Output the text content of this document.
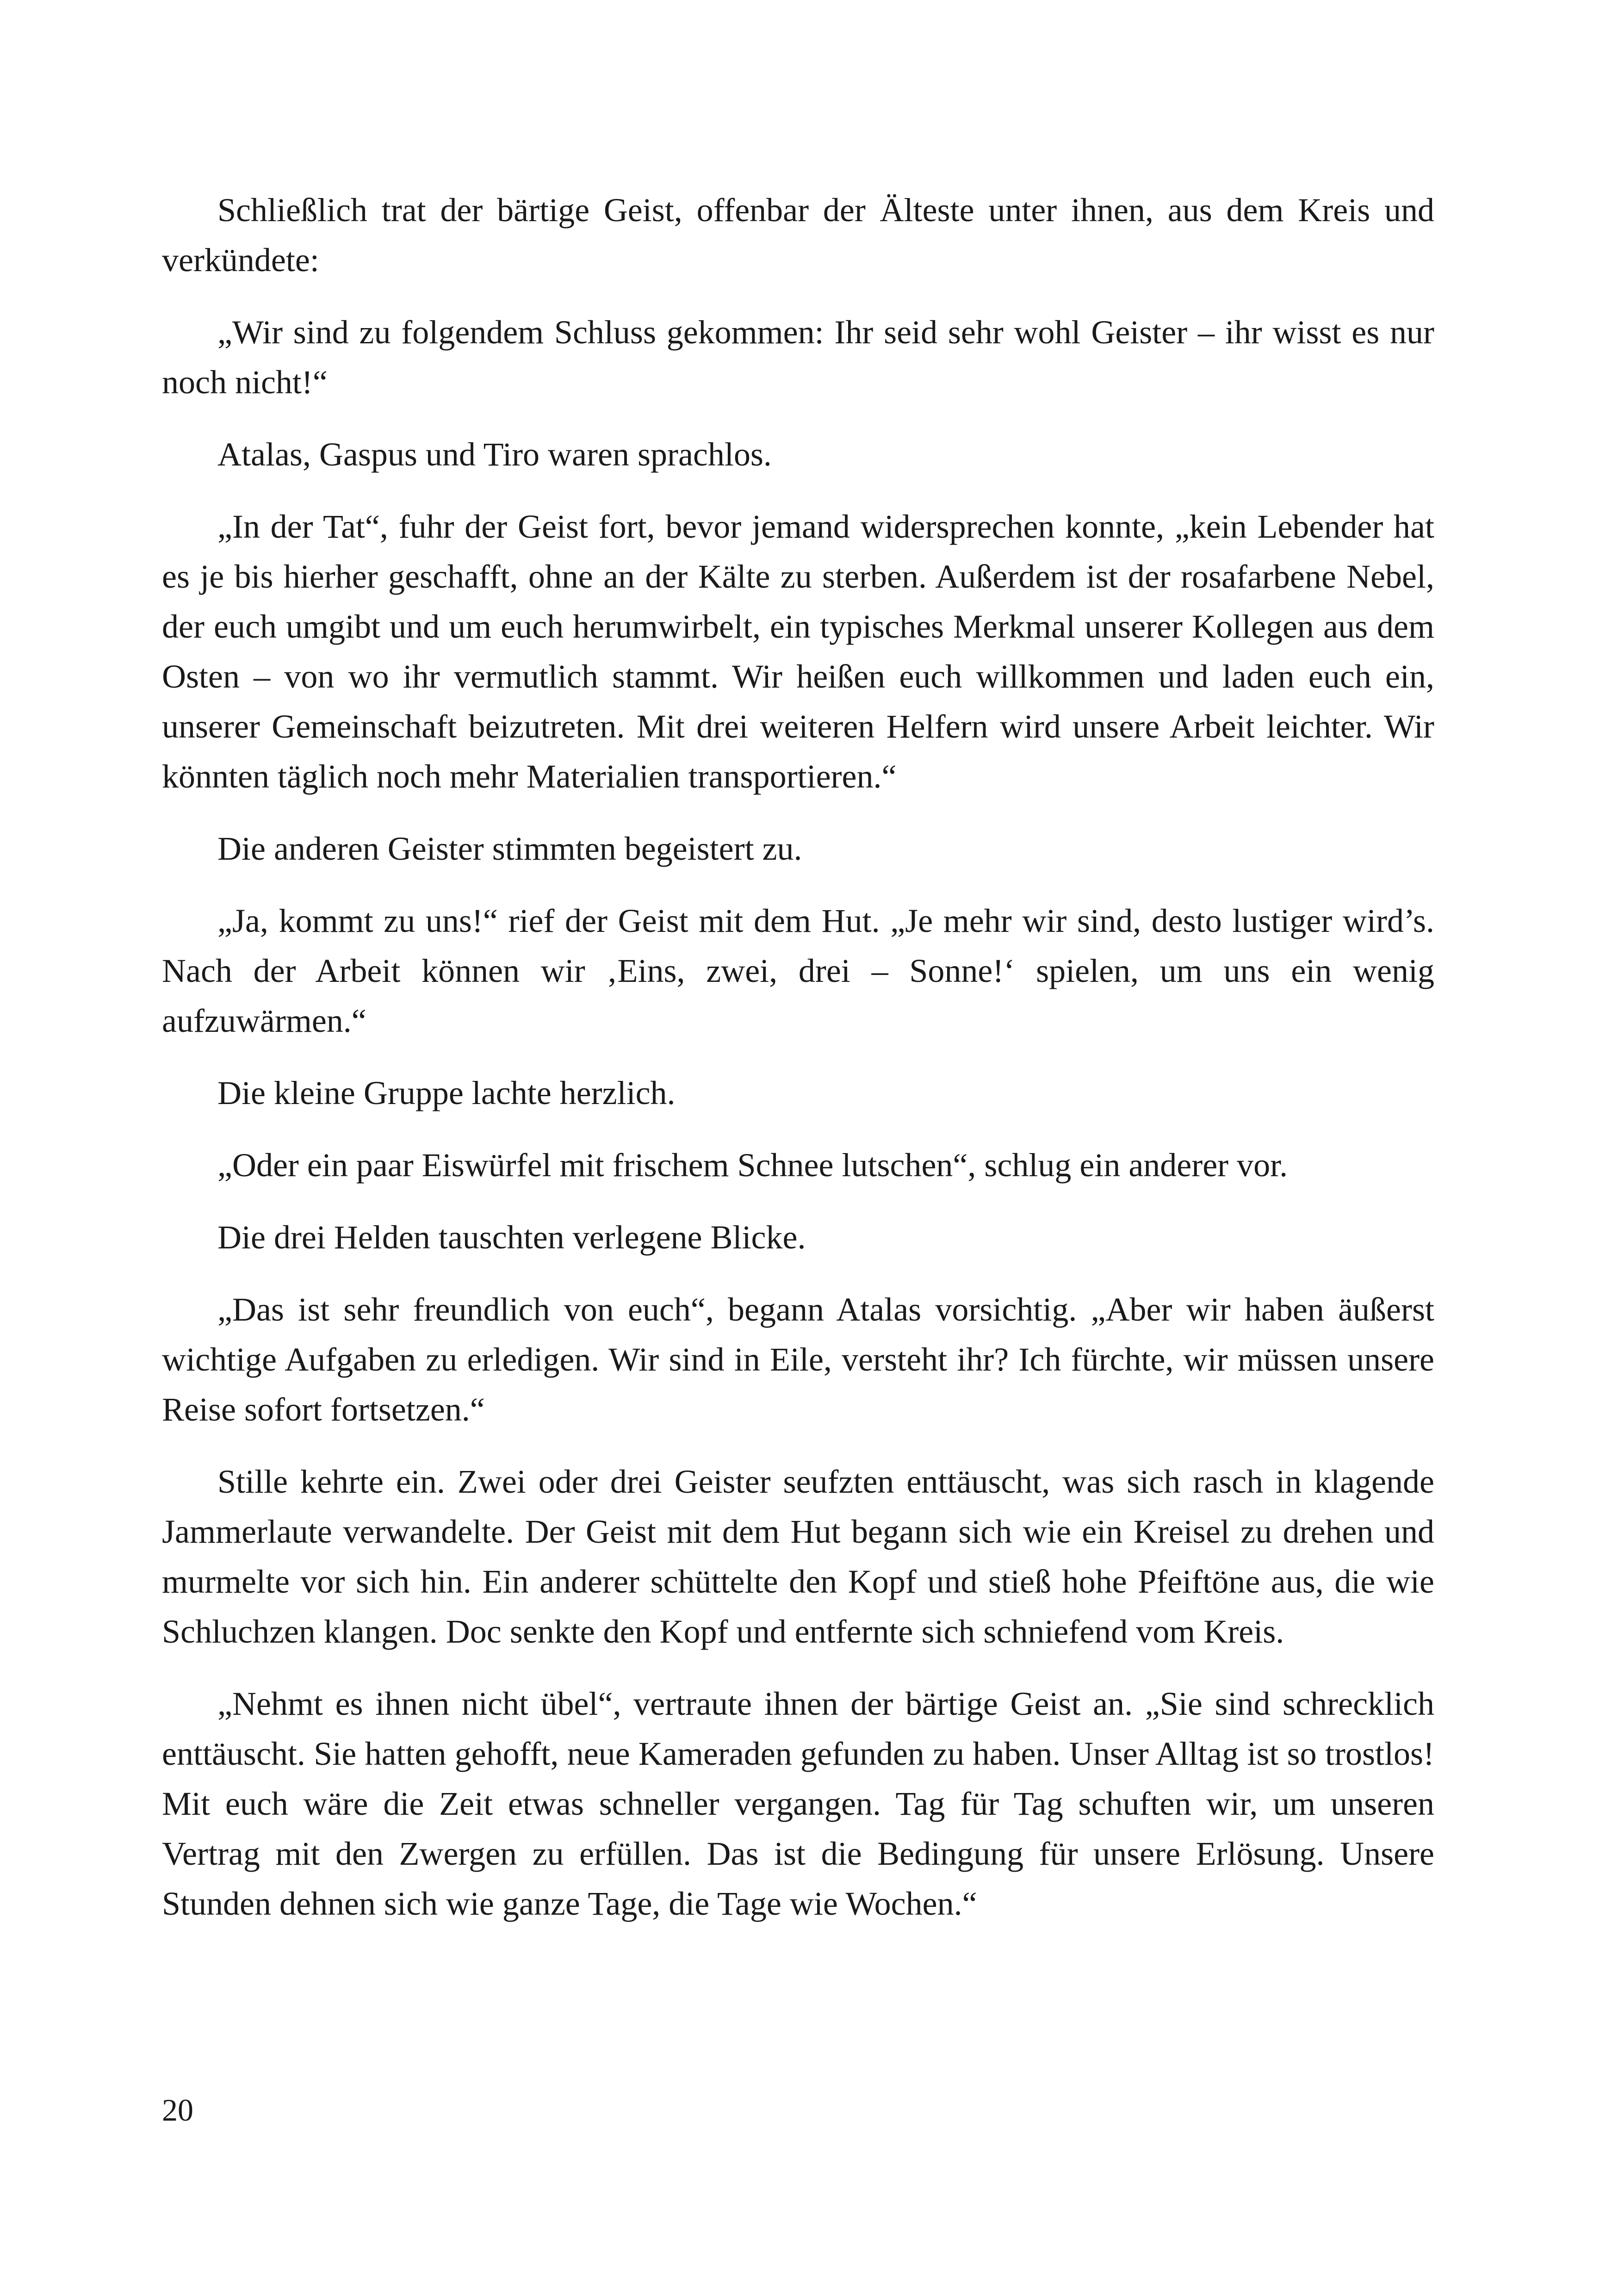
Schließlich trat der bärtige Geist, offenbar der Älteste unter ihnen, aus dem Kreis und verkündete:

„Wir sind zu folgendem Schluss gekommen: Ihr seid sehr wohl Geister – ihr wisst es nur noch nicht!“

Atalas, Gaspus und Tiro waren sprachlos.

„In der Tat“, fuhr der Geist fort, bevor jemand widersprechen konnte, „kein Lebender hat es je bis hierher geschafft, ohne an der Kälte zu sterben. Außerdem ist der rosafarbene Nebel, der euch umgibt und um euch herumwirbelt, ein typisches Merkmal unserer Kollegen aus dem Osten – von wo ihr vermutlich stammt. Wir heißen euch willkommen und laden euch ein, unserer Gemeinschaft beizutreten. Mit drei weiteren Helfern wird unsere Arbeit leichter. Wir könnten täglich noch mehr Materialien transportieren.“

Die anderen Geister stimmten begeistert zu.

„Ja, kommt zu uns!“ rief der Geist mit dem Hut. „Je mehr wir sind, desto lustiger wird’s. Nach der Arbeit können wir ‚Eins, zwei, drei – Sonne!‘ spielen, um uns ein wenig aufzuwärmen.“

Die kleine Gruppe lachte herzlich.

„Oder ein paar Eiswürfel mit frischem Schnee lutschen“, schlug ein anderer vor.

Die drei Helden tauschten verlegene Blicke.

„Das ist sehr freundlich von euch“, begann Atalas vorsichtig. „Aber wir haben äußerst wichtige Aufgaben zu erledigen. Wir sind in Eile, versteht ihr? Ich fürchte, wir müssen unsere Reise sofort fortsetzen.“

Stille kehrte ein. Zwei oder drei Geister seufzten enttäuscht, was sich rasch in klagende Jammerlaute verwandelte. Der Geist mit dem Hut begann sich wie ein Kreisel zu drehen und murmelte vor sich hin. Ein anderer schüttelte den Kopf und stieß hohe Pfeiftöne aus, die wie Schluchzen klangen. Doc senkte den Kopf und entfernte sich schniefend vom Kreis.

„Nehmt es ihnen nicht übel“, vertraute ihnen der bärtige Geist an. „Sie sind schrecklich enttäuscht. Sie hatten gehofft, neue Kameraden gefunden zu haben. Unser Alltag ist so trostlos! Mit euch wäre die Zeit etwas schneller vergangen. Tag für Tag schuften wir, um unseren Vertrag mit den Zwergen zu erfüllen. Das ist die Bedingung für unsere Erlösung. Unsere Stunden dehnen sich wie ganze Tage, die Tage wie Wochen.“

20
